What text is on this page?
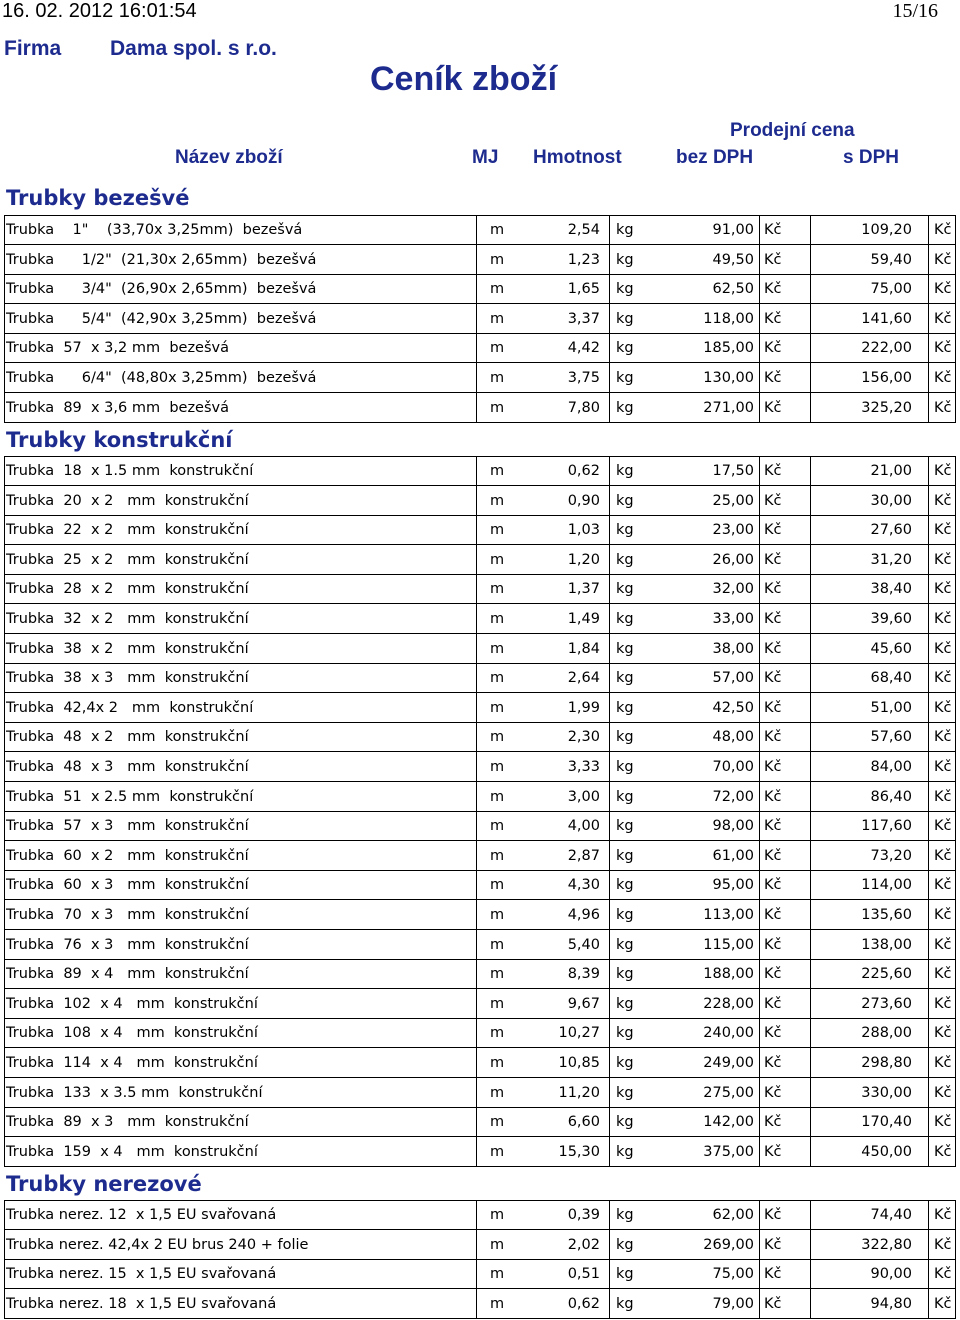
16. 02. 2012 16:01:54	15/16
Firma Dama spol. s r.o.
Ceník zboží
Prodejní cena
Název zboží	MJ Hmotnost	bez DPH	s DPH
Trubky bezešvé
Trubka    1"    (33,70x 3,25mm)  bezešvá	m	2,54 kg	91,00 Kč	109,20 Kč
Trubka      1/2"  (21,30x 2,65mm)  bezešvá	m	1,23 kg	49,50 Kč	59,40 Kč
Trubka      3/4"  (26,90x 2,65mm)  bezešvá	m	1,65 kg	62,50 Kč	75,00 Kč
Trubka      5/4"  (42,90x 3,25mm)  bezešvá	m	3,37 kg	118,00 Kč	141,60 Kč
Trubka  57  x 3,2 mm  bezešvá	m	4,42 kg	185,00 Kč	222,00 Kč
Trubka      6/4"  (48,80x 3,25mm)  bezešvá	m	3,75 kg	130,00 Kč	156,00 Kč
Trubka  89  x 3,6 mm  bezešvá	m	7,80 kg	271,00 Kč	325,20 Kč
Trubky konstrukční
Trubka  18  x 1.5 mm  konstrukční	m	0,62 kg	17,50 Kč	21,00 Kč
Trubka  20  x 2   mm  konstrukční	m	0,90 kg	25,00 Kč	30,00 Kč
Trubka  22  x 2   mm  konstrukční	m	1,03 kg	23,00 Kč	27,60 Kč
Trubka  25  x 2   mm  konstrukční	m	1,20 kg	26,00 Kč	31,20 Kč
Trubka  28  x 2   mm  konstrukční	m	1,37 kg	32,00 Kč	38,40 Kč
Trubka  32  x 2   mm  konstrukční	m	1,49 kg	33,00 Kč	39,60 Kč
Trubka  38  x 2   mm  konstrukční	m	1,84 kg	38,00 Kč	45,60 Kč
Trubka  38  x 3   mm  konstrukční	m	2,64 kg	57,00 Kč	68,40 Kč
Trubka  42,4x 2   mm  konstrukční	m	1,99 kg	42,50 Kč	51,00 Kč
Trubka  48  x 2   mm  konstrukční	m	2,30 kg	48,00 Kč	57,60 Kč
Trubka  48  x 3   mm  konstrukční	m	3,33 kg	70,00 Kč	84,00 Kč
Trubka  51  x 2.5 mm  konstrukční	m	3,00 kg	72,00 Kč	86,40 Kč
Trubka  57  x 3   mm  konstrukční	m	4,00 kg	98,00 Kč	117,60 Kč
Trubka  60  x 2   mm  konstrukční	m	2,87 kg	61,00 Kč	73,20 Kč
Trubka  60  x 3   mm  konstrukční	m	4,30 kg	95,00 Kč	114,00 Kč
Trubka  70  x 3   mm  konstrukční	m	4,96 kg	113,00 Kč	135,60 Kč
Trubka  76  x 3   mm  konstrukční	m	5,40 kg	115,00 Kč	138,00 Kč
Trubka  89  x 4   mm  konstrukční	m	8,39 kg	188,00 Kč	225,60 Kč
Trubka  102  x 4   mm  konstrukční	m	9,67 kg	228,00 Kč	273,60 Kč
Trubka  108  x 4   mm  konstrukční	m	10,27 kg	240,00 Kč	288,00 Kč
Trubka  114  x 4   mm  konstrukční	m	10,85 kg	249,00 Kč	298,80 Kč
Trubka  133  x 3.5 mm  konstrukční	m	11,20 kg	275,00 Kč	330,00 Kč
Trubka  89  x 3   mm  konstrukční	m	6,60 kg	142,00 Kč	170,40 Kč
Trubka  159  x 4   mm  konstrukční	m	15,30 kg	375,00 Kč	450,00 Kč
Trubky nerezové
Trubka nerez. 12  x 1,5 EU svařovaná	m	0,39 kg	62,00 Kč	74,40 Kč
Trubka nerez. 42,4x 2 EU brus 240 + folie	m	2,02 kg	269,00 Kč	322,80 Kč
Trubka nerez. 15  x 1,5 EU svařovaná	m	0,51 kg	75,00 Kč	90,00 Kč
Trubka nerez. 18  x 1,5 EU svařovaná	m	0,62 kg	79,00 Kč	94,80 Kč
